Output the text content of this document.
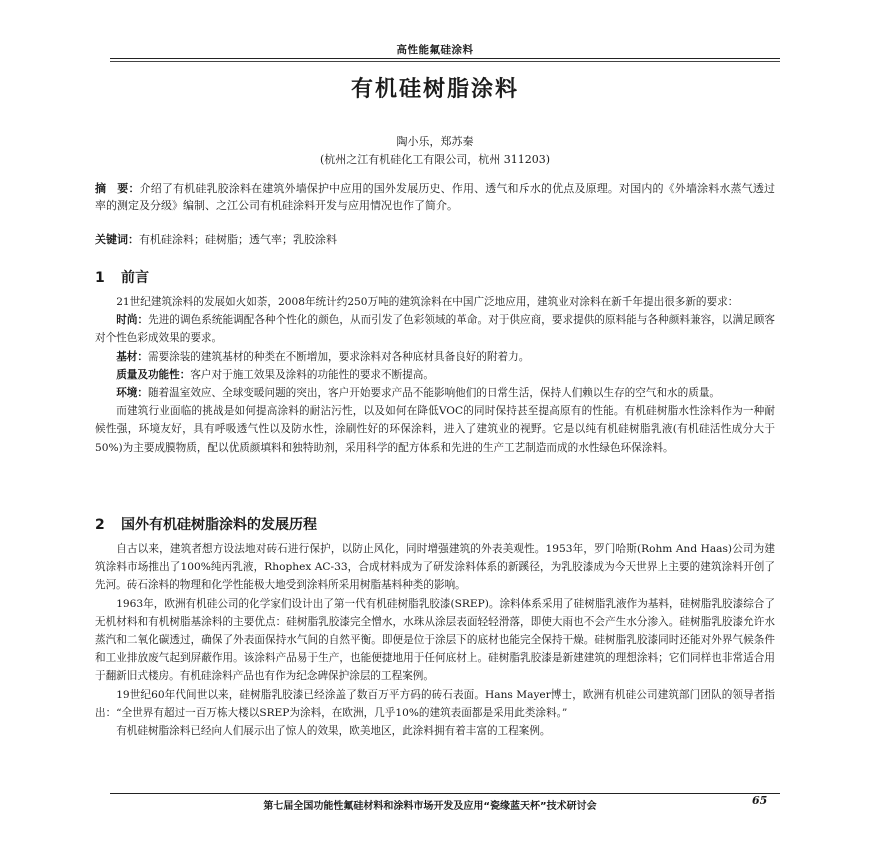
高性能氟硅涂料
有机硅树脂涂料
陶小乐，郑苏秦
(杭州之江有机硅化工有限公司，杭州 311203)
摘　要：介绍了有机硅乳胶涂料在建筑外墙保护中应用的国外发展历史、作用、透气和斥水的优点及原理。对国内的《外墙涂料水蒸气透过率的测定及分级》编制、之江公司有机硅涂料开发与应用情况也作了简介。
关键词：有机硅涂料；硅树脂；透气率；乳胶涂料
1 前言

21世纪建筑涂料的发展如火如荼，2008年统计约250万吨的建筑涂料在中国广泛地应用，建筑业对涂料在新千年提出很多新的要求：

时尚：先进的调色系统能调配各种个性化的颜色，从而引发了色彩领域的革命。对于供应商，要求提供的原料能与各种颜料兼容，以满足顾客对个性色彩成效果的要求。

基材：需要涂装的建筑基材的种类在不断增加，要求涂料对各种底材具备良好的附着力。

质量及功能性：客户对于施工效果及涂料的功能性的要求不断提高。

环境：随着温室效应、全球变暖问题的突出，客户开始要求产品不能影响他们的日常生活，保持人们赖以生存的空气和水的质量。

而建筑行业面临的挑战是如何提高涂料的耐沾污性，以及如何在降低VOC的同时保持甚至提高原有的性能。有机硅树脂水性涂料作为一种耐候性强，环境友好，具有呼吸透气性以及防水性，涂刷性好的环保涂料，进入了建筑业的视野。它是以纯有机硅树脂乳液(有机硅活性成分大于 50%)为主要成膜物质，配以优质颜填料和独特助剂，采用科学的配方体系和先进的生产工艺制造而成的水性绿色环保涂料。

2 国外有机硅树脂涂料的发展历程

自古以来，建筑者想方设法地对砖石进行保护，以防止风化，同时增强建筑的外表美观性。1953年，罗门哈斯(Rohm And Haas)公司为建筑涂料市场推出了100%纯丙乳液，Rhophex AC-33，合成材料成为了研发涂料体系的新蹊径，为乳胶漆成为今天世界上主要的建筑涂料开创了先河。砖石涂料的物理和化学性能极大地受到涂料所采用树脂基料种类的影响。

1963年，欧洲有机硅公司的化学家们设计出了第一代有机硅树脂乳胶漆(SREP)。涂料体系采用了硅树脂乳液作为基料，硅树脂乳胶漆综合了无机材料和有机树脂基涂料的主要优点：硅树脂乳胶漆完全憎水，水珠从涂层表面轻轻滑落，即使大雨也不会产生水分渗入。硅树脂乳胶漆允许水蒸汽和二氧化碳透过，确保了外表面保持水气间的自然平衡。即便是位于涂层下的底材也能完全保持干燥。硅树脂乳胶漆同时还能对外界气候条件和工业排放废气起到屏蔽作用。该涂料产品易于生产，也能便捷地用于任何底材上。硅树脂乳胶漆是新建建筑的理想涂料；它们同样也非常适合用于翻新旧式楼房。有机硅涂料产品也有作为纪念碑保护涂层的工程案例。

19世纪60年代间世以来，硅树脂乳胶漆已经涂盖了数百万平方码的砖石表面。Hans Mayer博士，欧洲有机硅公司建筑部门团队的领导者指出：“全世界有超过一百万栋大楼以SREP为涂料，在欧洲，几乎10%的建筑表面都是采用此类涂料。”

有机硅树脂涂料已经向人们展示出了惊人的效果，欧美地区，此涂料拥有着丰富的工程案例。

第七届全国功能性氟硅材料和涂料市场开发及应用“瓷缘蓝天杯”技术研讨会	65
